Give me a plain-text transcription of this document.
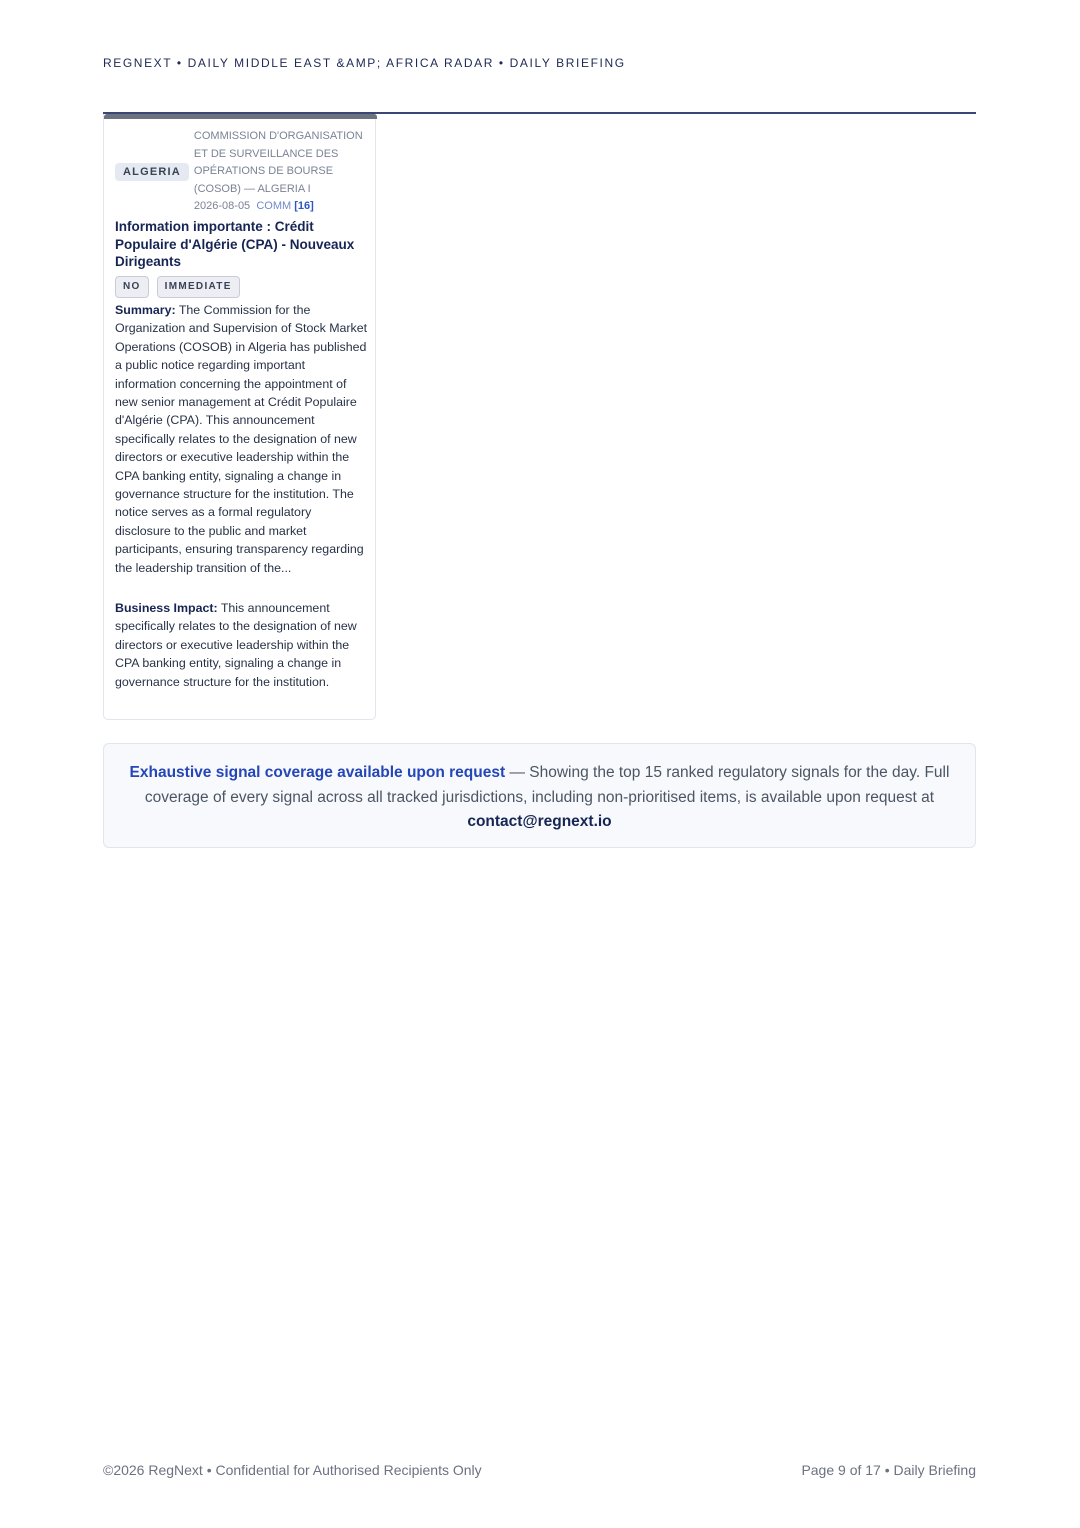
REGNEXT • DAILY MIDDLE EAST &AMP; AFRICA RADAR • DAILY BRIEFING
ALGERIA
COMMISSION D'ORGANISATION ET DE SURVEILLANCE DES OPÉRATIONS DE BOURSE (COSOB) — ALGERIA I
2026-08-05 COMM [16]
Information importante : Crédit Populaire d'Algérie (CPA) - Nouveaux Dirigeants
NO	IMMEDIATE
Summary: The Commission for the Organization and Supervision of Stock Market Operations (COSOB) in Algeria has published a public notice regarding important information concerning the appointment of new senior management at Crédit Populaire d'Algérie (CPA). This announcement specifically relates to the designation of new directors or executive leadership within the CPA banking entity, signaling a change in governance structure for the institution. The notice serves as a formal regulatory disclosure to the public and market participants, ensuring transparency regarding the leadership transition of the...
Business Impact: This announcement specifically relates to the designation of new directors or executive leadership within the CPA banking entity, signaling a change in governance structure for the institution.
Exhaustive signal coverage available upon request — Showing the top 15 ranked regulatory signals for the day. Full coverage of every signal across all tracked jurisdictions, including non-prioritised items, is available upon request at contact@regnext.io
©2026 RegNext • Confidential for Authorised Recipients Only	Page 9 of 17 • Daily Briefing
